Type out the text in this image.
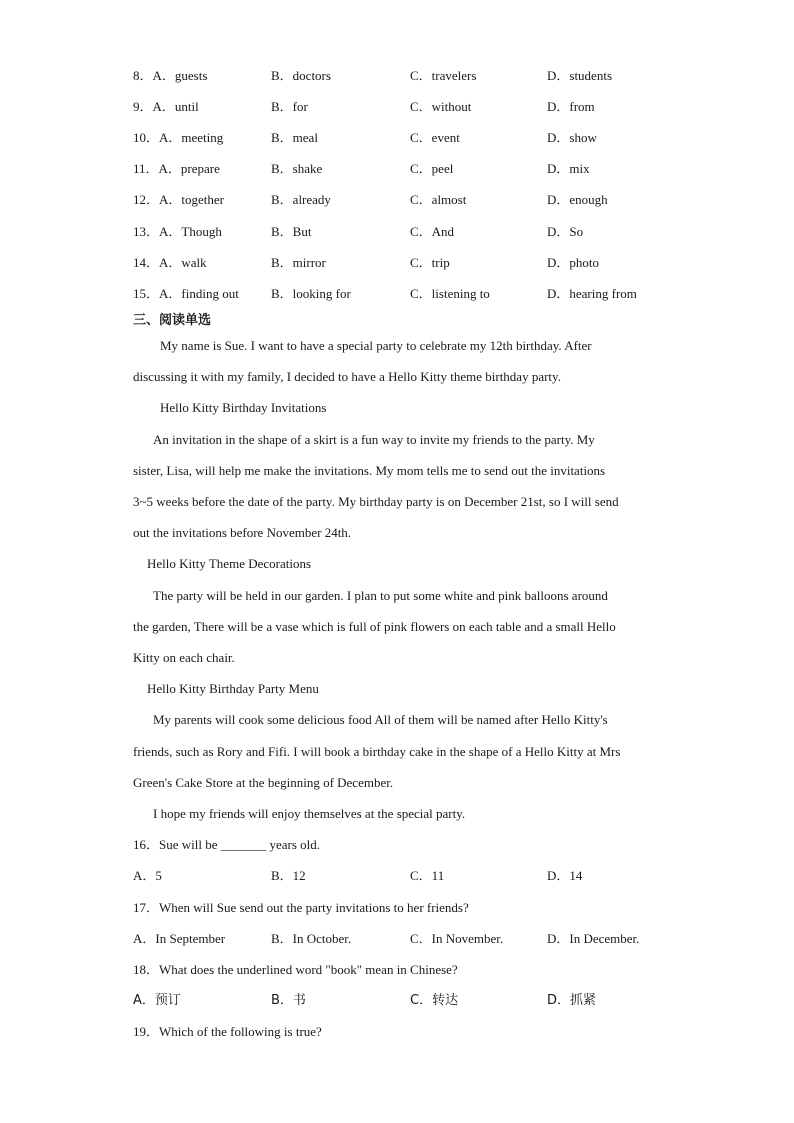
8．A．guests	B．doctors	C．travelers	D．students
9．A．until	B．for	C．without	D．from
10．A．meeting	B．meal	C．event	D．show
11．A．prepare	B．shake	C．peel	D．mix
12．A．together	B．already	C．almost	D．enough
13．A．Though	B．But	C．And	D．So
14．A．walk	B．mirror	C．trip	D．photo
15．A．finding out B．looking for	C．listening to	D．hearing from
三、阅读单选
My name is Sue. I want to have a special party to celebrate my 12th birthday. After
discussing it with my family, I decided to have a Hello Kitty theme birthday party.
Hello Kitty Birthday Invitations
An invitation in the shape of a skirt is a fun way to invite my friends to the party. My
sister, Lisa, will help me make the invitations. My mom tells me to send out the invitations
3~5 weeks before the date of the party. My birthday party is on December 21st, so I will send
out the invitations before November 24th.
Hello Kitty Theme Decorations
The party will be held in our garden. I plan to put some white and pink balloons around
the garden, There will be a vase which is full of pink flowers on each table and a small Hello
Kitty on each chair.
Hello Kitty Birthday Party Menu
My parents will cook some delicious food All of them will be named after Hello Kitty's
friends, such as Rory and Fifi. I will book a birthday cake in the shape of a Hello Kitty at Mrs
Green's Cake Store at the beginning of December.
I hope my friends will enjoy themselves at the special party.
16．Sue will be _______ years old.
A．5	B．12	C．11	D．14
17．When will Sue send out the party invitations to her friends?
A．In September	B．In October.	C．In November.	D．In December.
18．What does the underlined word "book" mean in Chinese?
A．预订	B．书	C．转达	D．抓紧
19．Which of the following is true?
